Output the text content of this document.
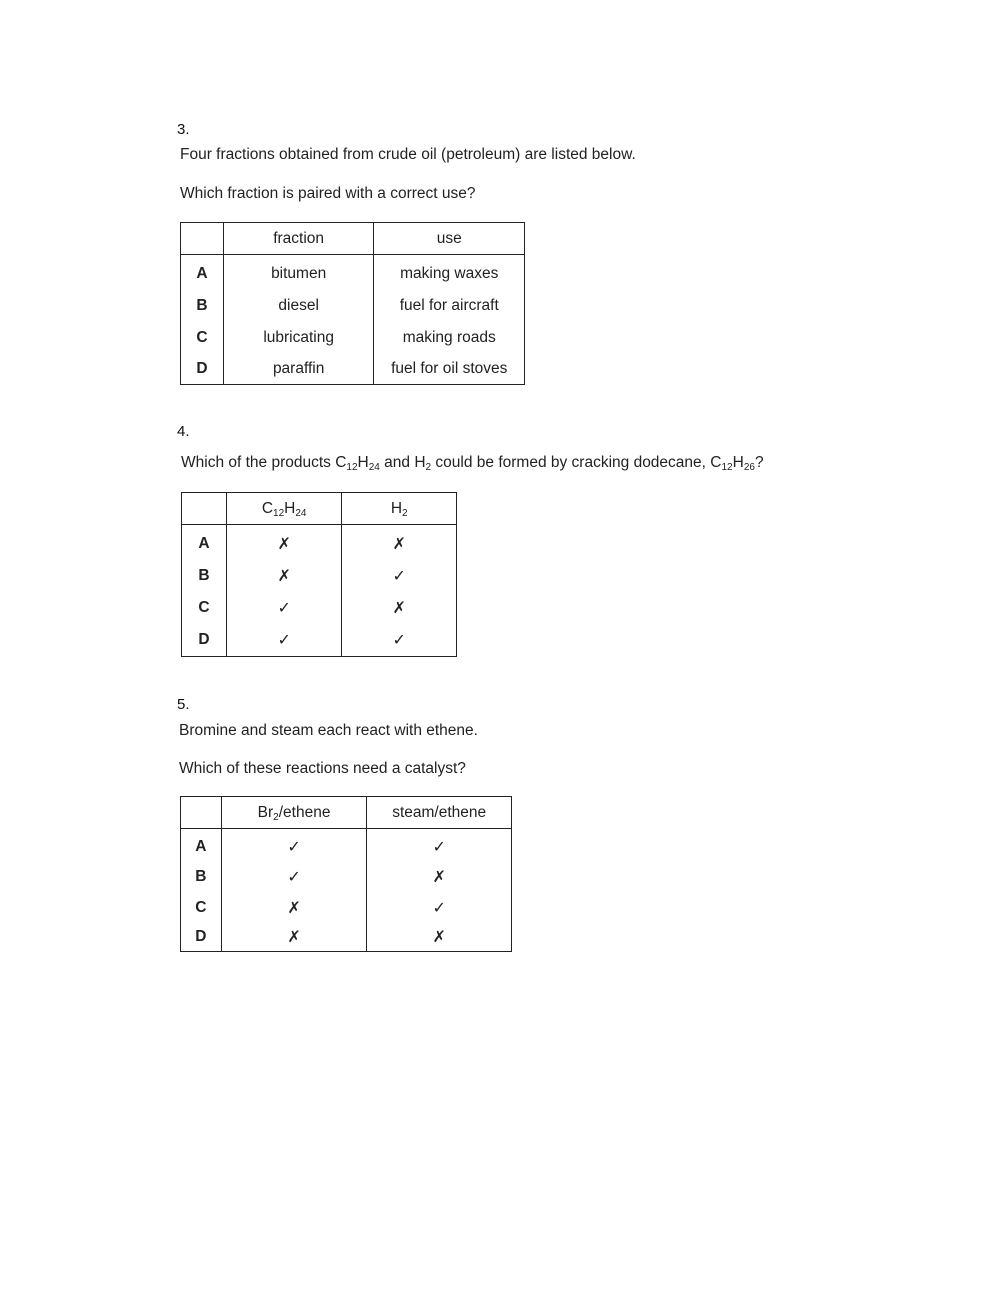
3.
Four fractions obtained from crude oil (petroleum) are listed below.
Which fraction is paired with a correct use?
	fraction	use
A	bitumen	making waxes
B	diesel	fuel for aircraft
C	lubricating	making roads
D	paraffin	fuel for oil stoves
4.
Which of the products $C_{12}H_{24}$ and $H_2$ could be formed by cracking dodecane, $C_{12}H_{26}$?
	$C_{12}H_{24}$	$H_2$
A	✗	✗
B	✗	✓
C	✓	✗
D	✓	✓
5.
Bromine and steam each react with ethene.
Which of these reactions need a catalyst?
	$Br_2$/ethene	steam/ethene
A	✓	✓
B	✓	✗
C	✗	✓
D	✗	✗
